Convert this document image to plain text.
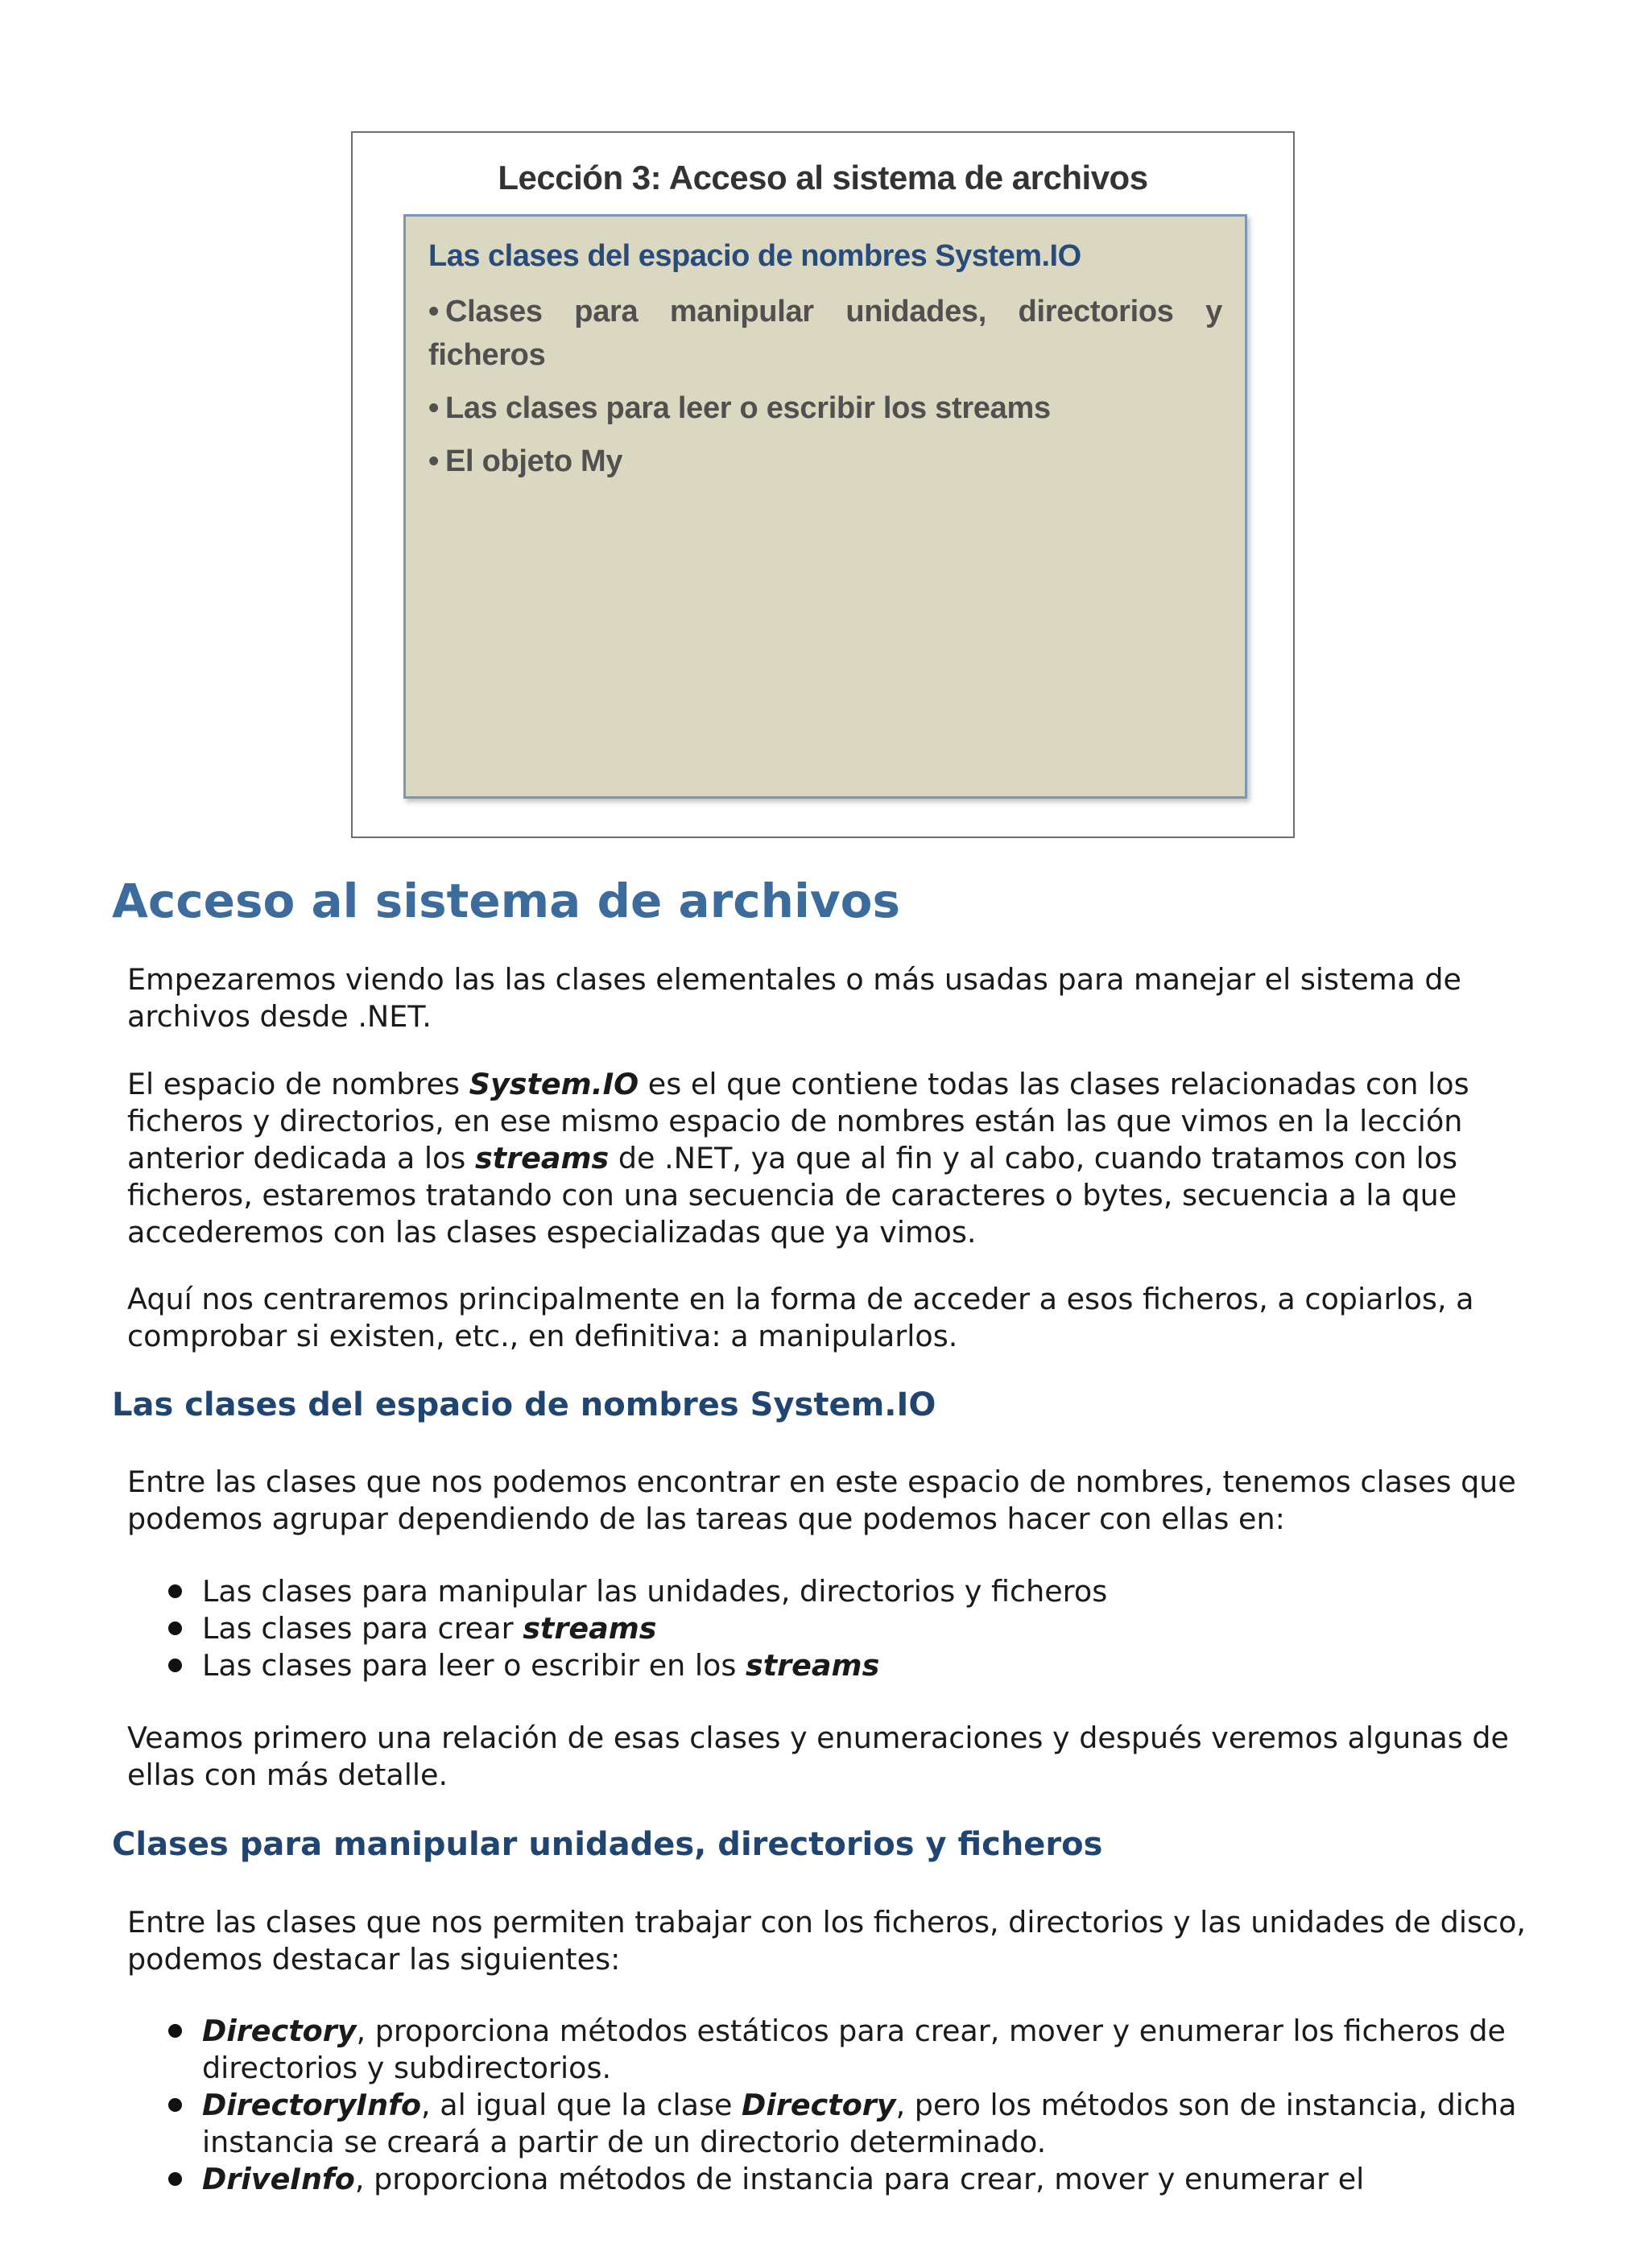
Lección 3: Acceso al sistema de archivos
Las clases del espacio de nombres System.IO
• Clases para manipular unidades, directorios y ficheros
• Las clases para leer o escribir los streams
• El objeto My
Acceso al sistema de archivos

Empezaremos viendo las las clases elementales o más usadas para manejar el sistema de archivos desde .NET.

El espacio de nombres System.IO es el que contiene todas las clases relacionadas con los ficheros y directorios, en ese mismo espacio de nombres están las que vimos en la lección anterior dedicada a los streams de .NET, ya que al fin y al cabo, cuando tratamos con los ficheros, estaremos tratando con una secuencia de caracteres o bytes, secuencia a la que accederemos con las clases especializadas que ya vimos.

Aquí nos centraremos principalmente en la forma de acceder a esos ficheros, a copiarlos, a comprobar si existen, etc., en definitiva: a manipularlos.

Las clases del espacio de nombres System.IO

Entre las clases que nos podemos encontrar en este espacio de nombres, tenemos clases que podemos agrupar dependiendo de las tareas que podemos hacer con ellas en:

Las clases para manipular las unidades, directorios y ficheros
Las clases para crear streams
Las clases para leer o escribir en los streams

Veamos primero una relación de esas clases y enumeraciones y después veremos algunas de ellas con más detalle.

Clases para manipular unidades, directorios y ficheros

Entre las clases que nos permiten trabajar con los ficheros, directorios y las unidades de disco, podemos destacar las siguientes:

Directory, proporciona métodos estáticos para crear, mover y enumerar los ficheros de directorios y subdirectorios.
DirectoryInfo, al igual que la clase Directory, pero los métodos son de instancia, dicha instancia se creará a partir de un directorio determinado.
DriveInfo, proporciona métodos de instancia para crear, mover y enumerar el
